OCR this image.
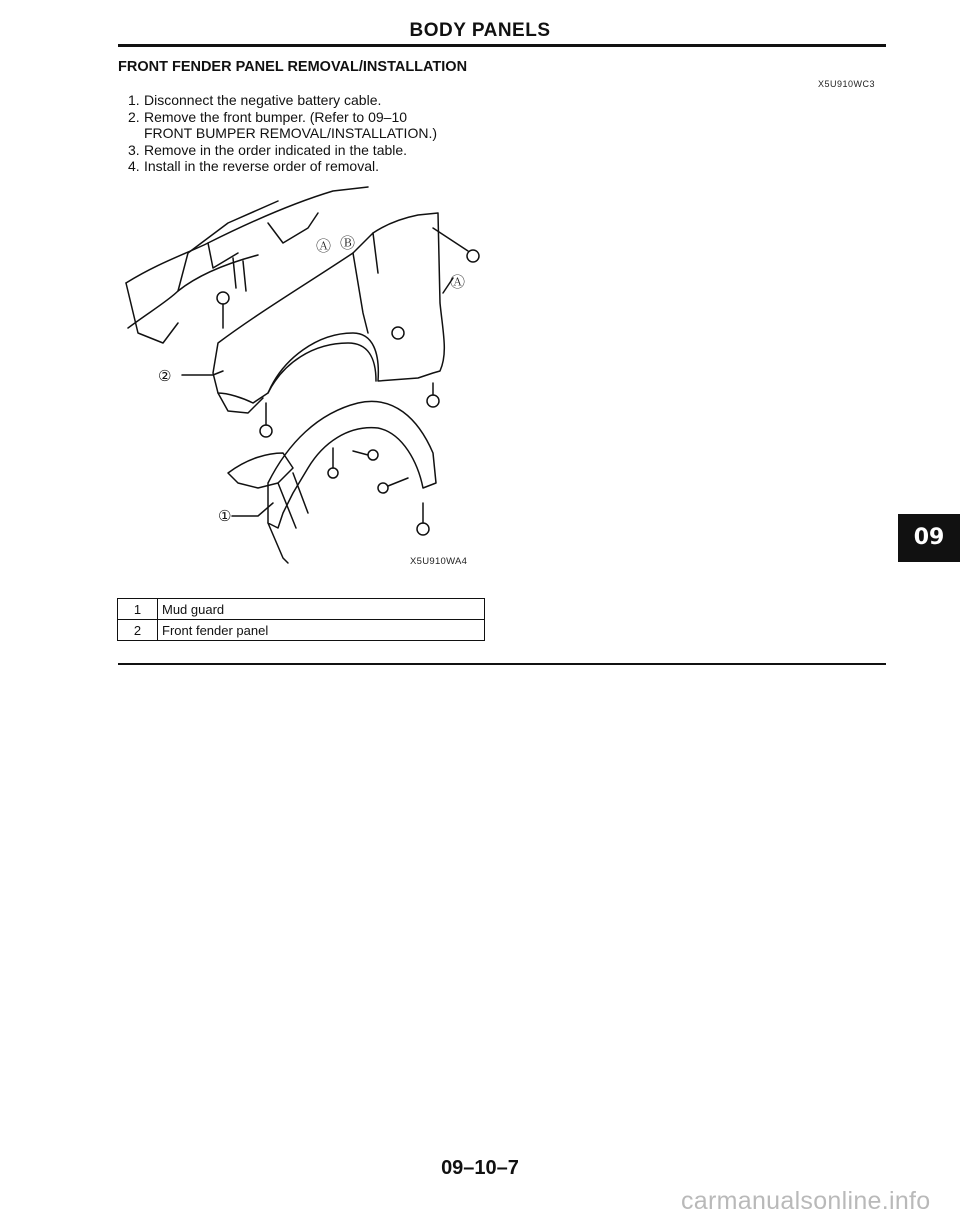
BODY PANELS
FRONT FENDER PANEL REMOVAL/INSTALLATION
X5U910WC3
1. Disconnect the negative battery cable.
2. Remove the front bumper. (Refer to 09–10
FRONT BUMPER REMOVAL/INSTALLATION.)
3. Remove in the order indicated in the table.
4. Install in the reverse order of removal.
①
②
Ⓐ
Ⓐ
Ⓑ
X5U910WA4
1	Mud guard
2	Front fender panel
09
09–10–7
carmanualsonline.info
